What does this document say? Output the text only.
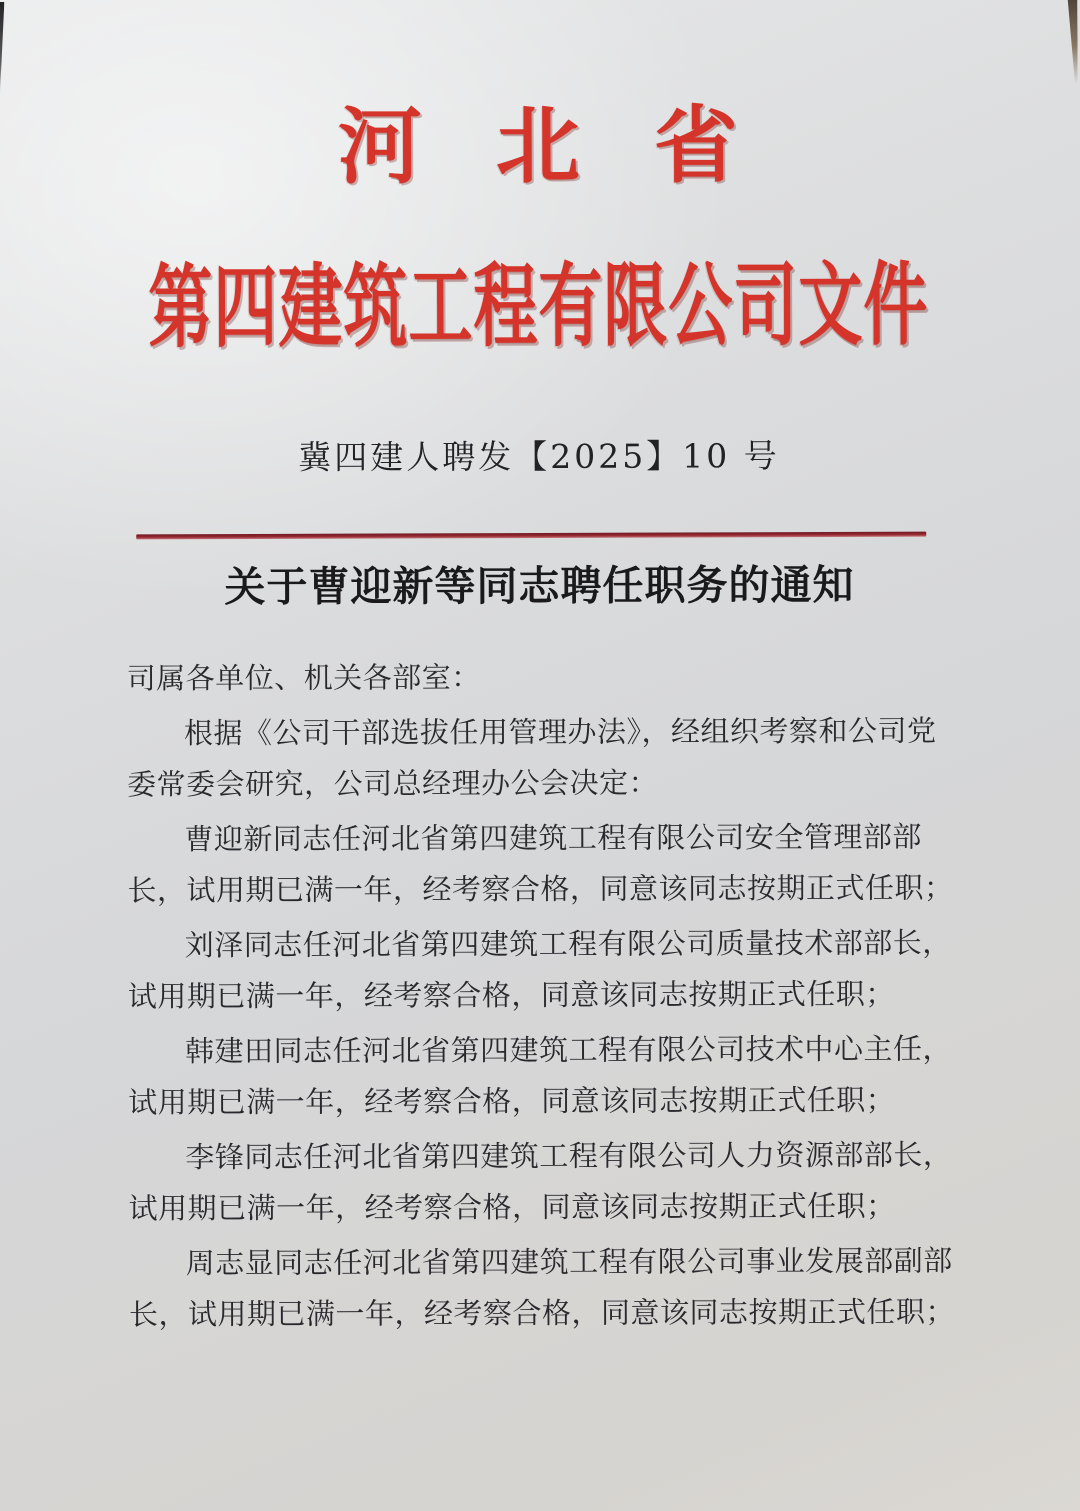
河北省
第四建筑工程有限公司文件
冀四建人聘发【2025】10 号
关于曹迎新等同志聘任职务的通知
司属各单位、机关各部室：
根据《公司干部选拔任用管理办法》，经组织考察和公司党
委常委会研究，公司总经理办公会决定：
曹迎新同志任河北省第四建筑工程有限公司安全管理部部
长，试用期已满一年，经考察合格，同意该同志按期正式任职；
刘泽同志任河北省第四建筑工程有限公司质量技术部部长，
试用期已满一年，经考察合格，同意该同志按期正式任职；
韩建田同志任河北省第四建筑工程有限公司技术中心主任，
试用期已满一年，经考察合格，同意该同志按期正式任职；
李锋同志任河北省第四建筑工程有限公司人力资源部部长，
试用期已满一年，经考察合格，同意该同志按期正式任职；
周志显同志任河北省第四建筑工程有限公司事业发展部副部
长，试用期已满一年，经考察合格，同意该同志按期正式任职；
